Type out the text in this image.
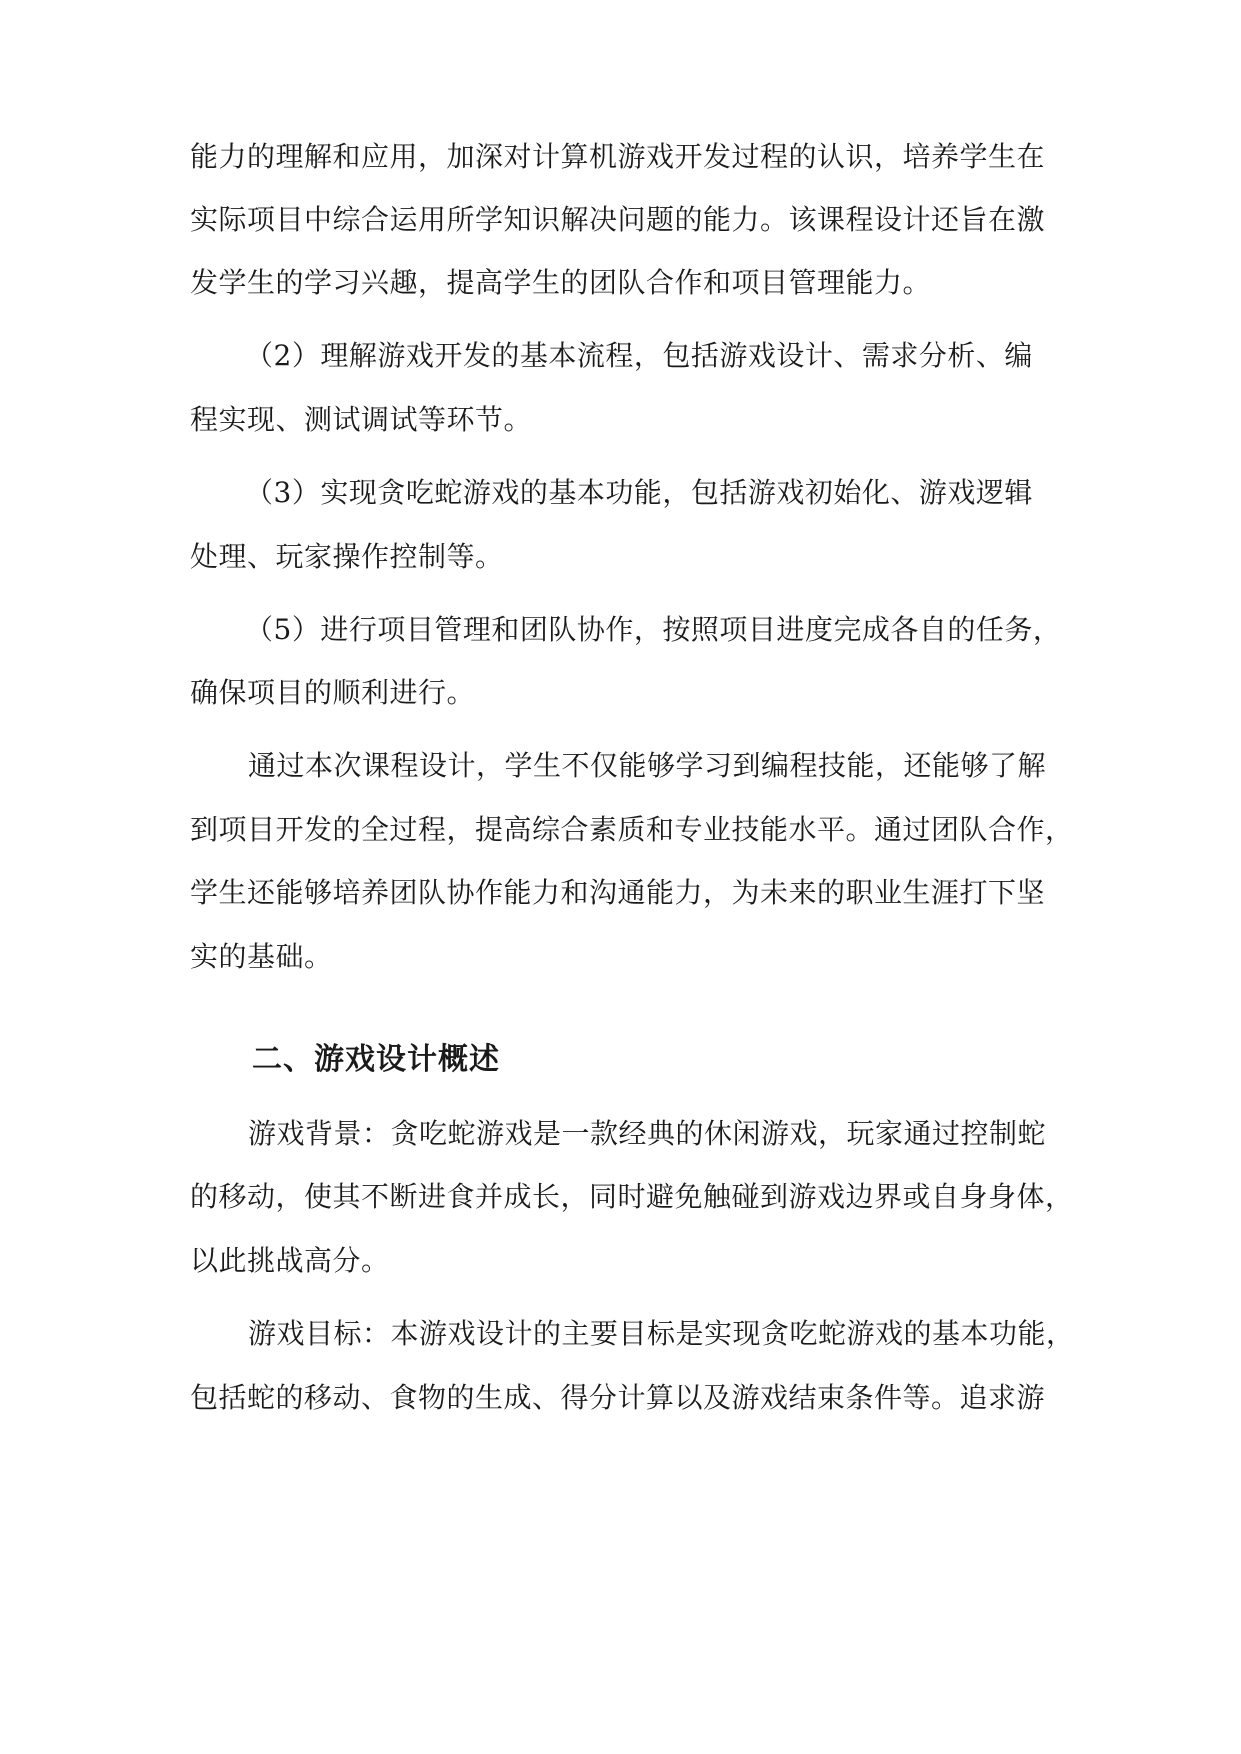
能力的理解和应用，加深对计算机游戏开发过程的认识，培养学生在
实际项目中综合运用所学知识解决问题的能力。该课程设计还旨在激
发学生的学习兴趣，提高学生的团队合作和项目管理能力。
（2）理解游戏开发的基本流程，包括游戏设计、需求分析、编
程实现、测试调试等环节。
（3）实现贪吃蛇游戏的基本功能，包括游戏初始化、游戏逻辑
处理、玩家操作控制等。
（5）进行项目管理和团队协作，按照项目进度完成各自的任务，
确保项目的顺利进行。
通过本次课程设计，学生不仅能够学习到编程技能，还能够了解
到项目开发的全过程，提高综合素质和专业技能水平。通过团队合作，
学生还能够培养团队协作能力和沟通能力，为未来的职业生涯打下坚
实的基础。
二、游戏设计概述
游戏背景：贪吃蛇游戏是一款经典的休闲游戏，玩家通过控制蛇
的移动，使其不断进食并成长，同时避免触碰到游戏边界或自身身体，
以此挑战高分。
游戏目标：本游戏设计的主要目标是实现贪吃蛇游戏的基本功能，
包括蛇的移动、食物的生成、得分计算以及游戏结束条件等。追求游
